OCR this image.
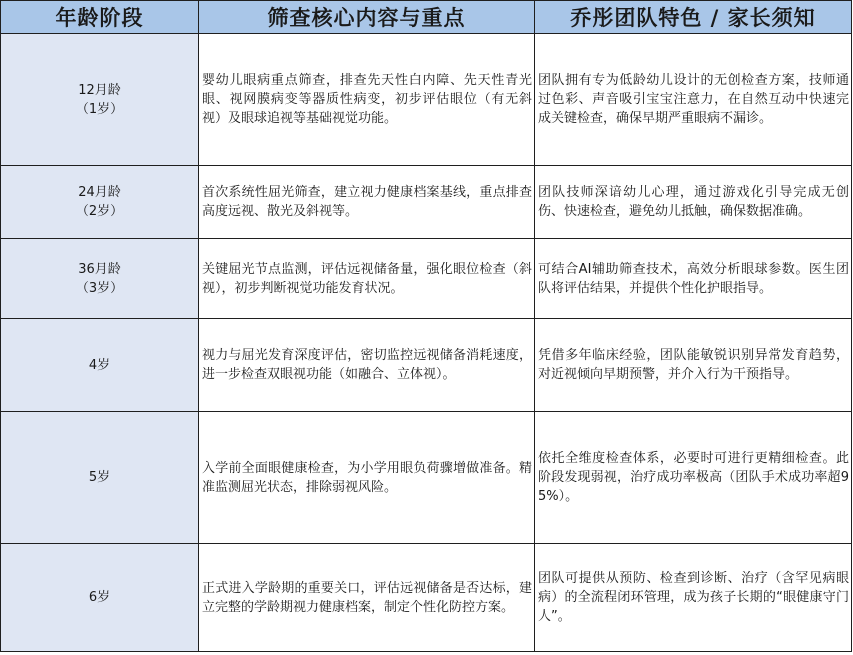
年龄阶段	筛查核心内容与重点	乔彤团队特色 / 家长须知

12月龄
（1岁）	婴幼儿眼病重点筛查，排查先天性白内障、先天性青光眼、视网膜病变等器质性病变，初步评估眼位（有无斜视）及眼球追视等基础视觉功能。	团队拥有专为低龄幼儿设计的无创检查方案，技师通过色彩、声音吸引宝宝注意力，在自然互动中快速完成关键检查，确保早期严重眼病不漏诊。

24月龄
（2岁）	首次系统性屈光筛查，建立视力健康档案基线，重点排查高度远视、散光及斜视等。	团队技师深谙幼儿心理，通过游戏化引导完成无创伤、快速检查，避免幼儿抵触，确保数据准确。

36月龄
（3岁）	关键屈光节点监测，评估远视储备量，强化眼位检查（斜视），初步判断视觉功能发育状况。	可结合AI辅助筛查技术，高效分析眼球参数。医生团队将评估结果，并提供个性化护眼指导。

4岁	视力与屈光发育深度评估，密切监控远视储备消耗速度，进一步检查双眼视功能（如融合、立体视）。	凭借多年临床经验，团队能敏锐识别异常发育趋势，对近视倾向早期预警，并介入行为干预指导。

5岁	入学前全面眼健康检查，为小学用眼负荷骤增做准备。精准监测屈光状态，排除弱视风险。	依托全维度检查体系，必要时可进行更精细检查。此阶段发现弱视，治疗成功率极高（团队手术成功率超95%）。

6岁	正式进入学龄期的重要关口，评估远视储备是否达标，建立完整的学龄期视力健康档案，制定个性化防控方案。	团队可提供从预防、检查到诊断、治疗（含罕见病眼病）的全流程闭环管理，成为孩子长期的“眼健康守门人”。
